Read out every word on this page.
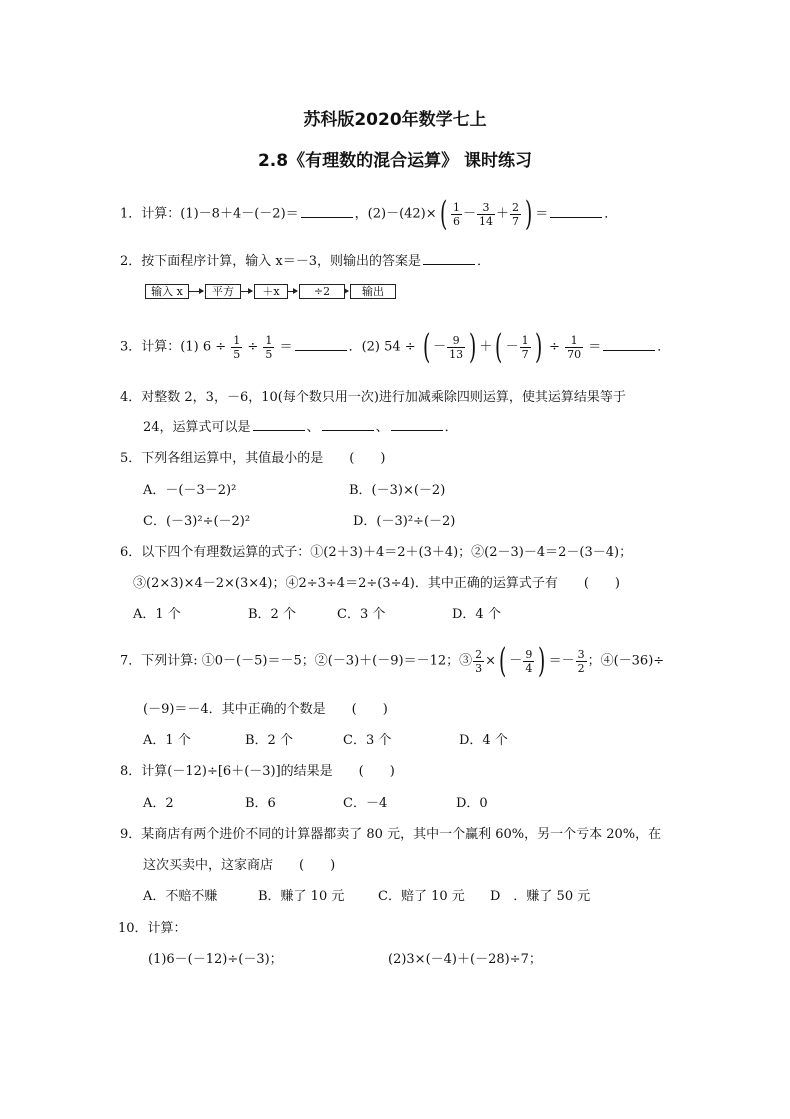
苏科版2020年数学七上
2.8《有理数的混合运算》 课时练习
1．计算：(1)－8＋4－(－2)＝	，$(2)-(42)\times( \frac{1}{6} - \frac{3}{14} + \frac{2}{7}$ ) ＝	．
2．按下面程序计算，输入 x＝－3，则输出的答案是	．
输入 x	平方	＋x	÷2	输出
3．计算：(1) $6 \div \frac{1}{5} \div \frac{1}{5}$ ＝	．(2) 54 ÷ ( － $\frac{9}{13}$ ) ＋( － $\frac{1}{7}$ ) ÷ $\frac{1}{70}$ ＝	．
4．对整数 2，3，－6，10(每个数只用一次)进行加减乘除四则运算，使其运算结果等于
24，运算式可以是	、	、	．
5．下列各组运算中，其值最小的是　　(　　)
A．－(－3－2)²	B．(－3)×(－2)
C．(－3)²÷(－2)²	D．(－3)²÷(－2)
6．以下四个有理数运算的式子：①(2＋3)＋4＝2＋(3＋4)；②(2－3)－4＝2－(3－4)；
③(2×3)×4－2×(3×4)；④2÷3÷4＝2÷(3÷4)．其中正确的运算式子有　　(　　)
A．1 个	B．2 个	C．3 个	D．4 个
7．下列计算: ①0－(－5)＝－5；②(－3)＋(－9)＝－12；③ $\frac{2}{3}$ ×( － $\frac{9}{4}$ ) ＝－ $\frac{3}{2}$ ；④(－36)÷
(－9)＝－4．其中正确的个数是　　(　　)
A．1 个	B．2 个	C．3 个	D．4 个
8．计算(－12)÷[6＋(－3)]的结果是　　(　　)
A．2	B．6	C．－4	D．0
9．某商店有两个进价不同的计算器都卖了 80 元，其中一个赢利 60%，另一个亏本 20%，在
这次买卖中，这家商店　　(　　)
A．不赔不赚	B．赚了 10 元	C．赔了 10 元 D　．赚了 50 元
10．计算：
(1)6－(－12)÷(－3)；	(2)3×(－4)＋(－28)÷7；
